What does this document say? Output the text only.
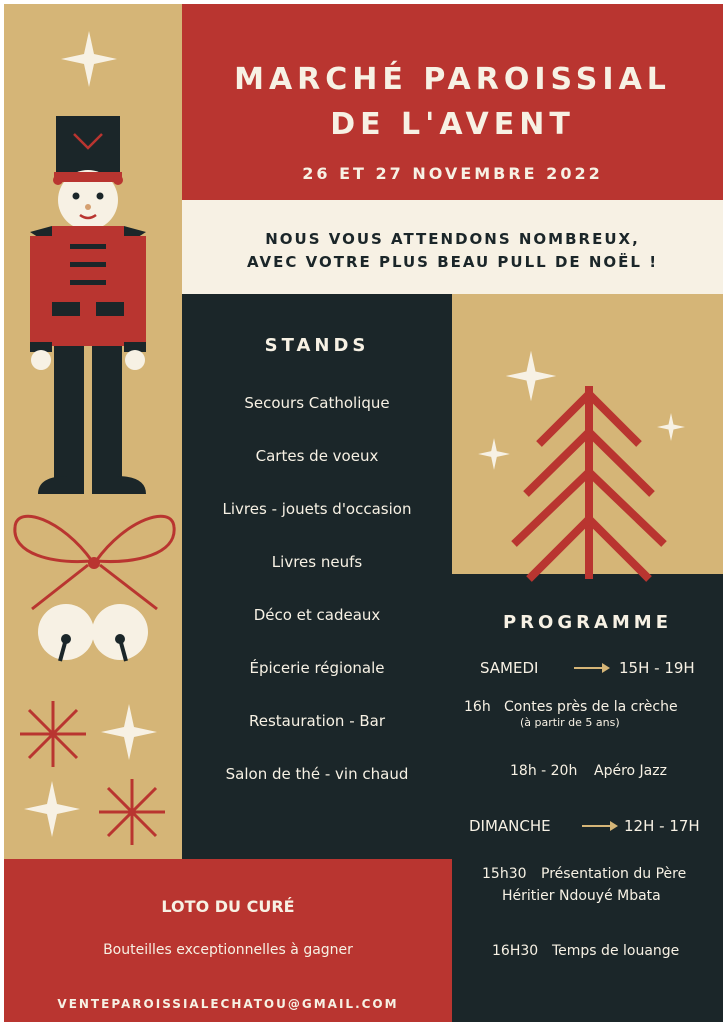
MARCHÉ PAROISSIAL
DE L'AVENT
26 ET 27 NOVEMBRE 2022
NOUS VOUS ATTENDONS NOMBREUX,
AVEC VOTRE PLUS BEAU PULL DE NOËL !
STANDS
Secours Catholique
Cartes de voeux
Livres - jouets d'occasion
Livres neufs
Déco et cadeaux
Épicerie régionale
Restauration - Bar
Salon de thé - vin chaud
PROGRAMME
SAMEDI	15H - 19H
16h Contes près de la crèche
(à partir de 5 ans)
18h - 20h Apéro Jazz
DIMANCHE	12H - 17H
15h30 Présentation du Père
Héritier Ndouyé Mbata
16H30 Temps de louange
LOTO DU CURÉ
Bouteilles exceptionnelles à gagner
VENTEPAROISSIALECHATOU@GMAIL.COM
